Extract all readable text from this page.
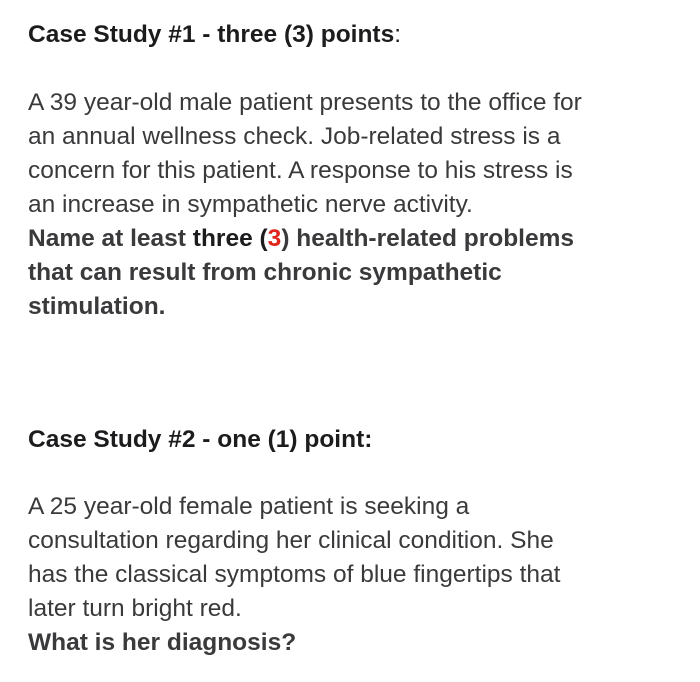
Case Study #1 - three (3) points:
A 39 year-old male patient presents to the office for
an annual wellness check. Job-related stress is a
concern for this patient. A response to his stress is
an increase in sympathetic nerve activity.
Name at least three (3) health-related problems
that can result from chronic sympathetic
stimulation.
Case Study #2 - one (1) point:
A 25 year-old female patient is seeking a
consultation regarding her clinical condition. She
has the classical symptoms of blue fingertips that
later turn bright red.
What is her diagnosis?
